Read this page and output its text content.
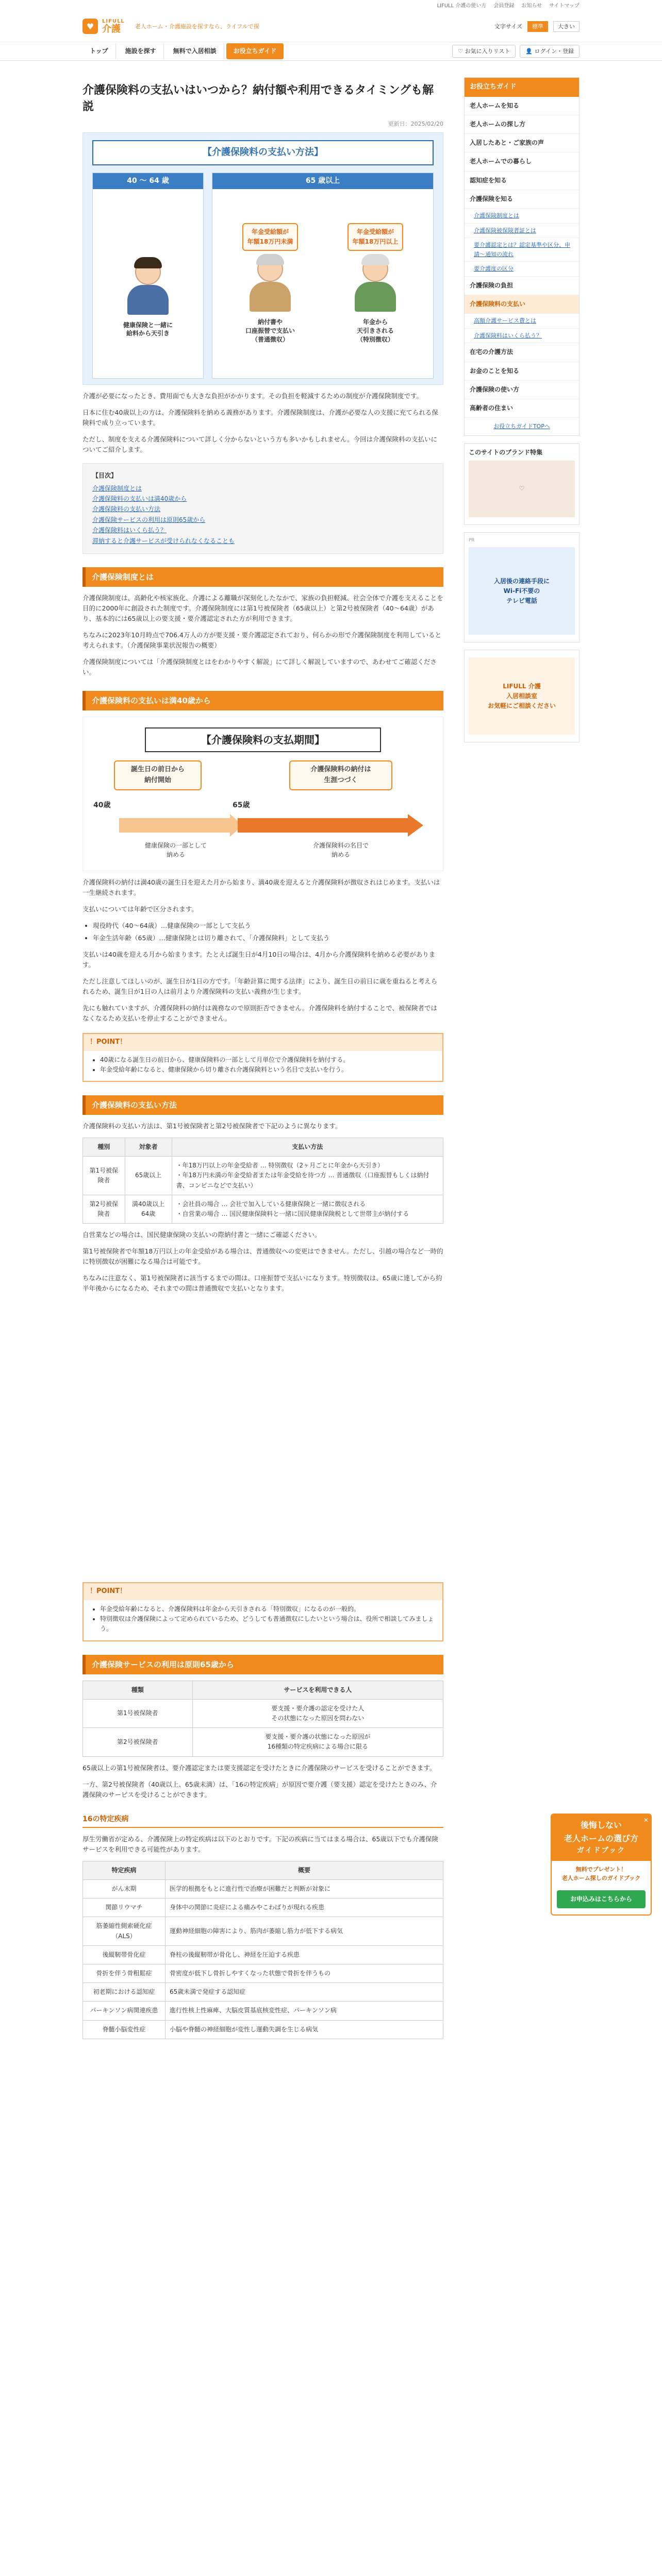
LIFULL 介護の使い方 会員登録 お知らせ サイトマップ
♥
LIFULL
介護	老人ホーム・介護施設を探すなら、ライフルで探	文字サイズ	標準	大きい
トップ	施設を探す	無料で入居相談	お役立ちガイド	♡ お気に入りリスト	👤 ログイン・登録
介護保険料の支払いはいつから？納付額や利用できるタイミングも解説
更新日：2025/02/20
【介護保険料の支払い方法】
40 ～ 64 歳
健康保険と一緒に
給料から天引き
65 歳以上
年金受給額が
年額18万円未満
納付書や
口座振替で支払い
（普通徴収）
年金受給額が
年額18万円以上
年金から
天引きされる
（特別徴収）

介護が必要になったとき、費用面でも大きな負担がかかります。その負担を軽減するための制度が介護保険制度です。

日本に住む40歳以上の方は、介護保険料を納める義務があります。介護保険制度は、介護が必要な人の支援に充てられる保険料で成り立っています。

ただし、制度を支える介護保険料について詳しく分からないという方も多いかもしれません。今回は介護保険料の支払いについてご紹介します。

【目次】
介護保険制度とは
介護保険料の支払いは満40歳から
介護保険料の支払い方法
介護保険サービスの利用は原則65歳から
介護保険料はいくら払う？
滞納すると介護サービスが受けられなくなることも
介護保険制度とは

介護保険制度は、高齢化や核家族化、介護による離職が深刻化したなかで、家族の負担軽減、社会全体で介護を支えることを目的に2000年に創設された制度です。介護保険制度には第1号被保険者（65歳以上）と第2号被保険者（40〜64歳）があり、基本的には65歳以上の要支援・要介護認定された方が利用できます。

ちなみに2023年10月時点で706.4万人の方が要支援・要介護認定されており、何らかの形で介護保険制度を利用していると考えられます。（介護保険事業状況報告の概要）

介護保険制度については「介護保険制度とはをわかりやすく解説」にて詳しく解説していますので、あわせてご確認ください。

介護保険料の支払いは満40歳から
【介護保険料の支払期間】
誕生日の前日から
納付開始
介護保険料の納付は
生涯つづく
40歳	65歳
健康保険の一部として
納める
介護保険料の名目で
納める

介護保険料の納付は満40歳の誕生日を迎えた月から始まり、満40歳を迎えると介護保険料が徴収されはじめます。支払いは一生継続されます。

支払いについては年齢で区分されます。

• 現役時代（40〜64歳）…健康保険の一部として支払う
• 年金生活年齢（65歳）…健康保険とは切り離されて、「介護保険料」として支払う

支払いは40歳を迎える月から始まります。たとえば誕生日が4月10日の場合は、4月から介護保険料を納める必要があります。

ただし注意してほしいのが、誕生日が1日の方です。「年齢計算に関する法律」により、誕生日の前日に歳を重ねると考えられるため、誕生日が1日の人は前月より介護保険料の支払い義務が生じます。

先にも触れていますが、介護保険料の納付は義務なので原則拒否できません。介護保険料を納付することで、被保険者ではなくなるため支払いを停止することができません。

！POINT！
• 40歳になる誕生日の前日から、健康保険料の一部として月単位で介護保険料を納付する。
• 年金受給年齢になると、健康保険から切り離され介護保険料という名目で支払いを行う。
介護保険料の支払い方法

介護保険料の支払い方法は、第1号被保険者と第2号被保険者で下記のように異なります。

種別	対象者	支払い方法
第1号被保険者	65歳以上	・年18万円以上の年金受給者 … 特別徴収（2ヶ月ごとに年金から天引き）
・年18万円未満の年金受給者または年金受給を待つ方 … 普通徴収（口座振替もしくは納付書、コンビニなどで支払い）
第2号被保険者	満40歳以上64歳	・会社員の場合 … 会社で加入している健康保険と一緒に徴収される
・自営業の場合 … 国民健康保険料と一緒に国民健康保険税として世帯主が納付する

自営業などの場合は、国民健康保険の支払いの際納付書と一緒にご確認ください。

第1号被保険者で年額18万円以上の年金受給がある場合は、普通徴収への変更はできません。ただし、引越の場合など一時的に特別徴収が困難になる場合は可能です。

ちなみに注意なく、第1号被保険者に該当するまでの間は、口座振替で支払いになります。特別徴収は、65歳に達してから約半年後からになるため、それまでの間は普通徴収で支払いとなります。

！POINT！
• 年金受給年齢になると、介護保険料は年金から天引きされる「特別徴収」になるのが一般的。
• 特別徴収は介護保険によって定められているため、どうしても普通徴収にしたいという場合は、役所で相談してみましょう。
介護保険サービスの利用は原則65歳から
種類	サービスを利用できる人
第1号被保険者	要支援・要介護の認定を受けた人
その状態になった原因を問わない
第2号被保険者	要支援・要介護の状態になった原因が
16種類の特定疾病による場合に限る

65歳以上の第1号被保険者は、要介護認定または要支援認定を受けたときに介護保険のサービスを受けることができます。

一方、第2号被保険者（40歳以上、65歳未満）は、「16の特定疾病」が原因で要介護（要支援）認定を受けたときのみ、介護保険のサービスを受けることができます。

16の特定疾病

厚生労働省が定める、介護保険上の特定疾病は以下のとおりです。下記の疾病に当てはまる場合は、65歳以下でも介護保険サービスを利用できる可能性があります。

特定疾病	概要
がん末期	医学的根拠をもとに進行性で治療が困難だと判断が対象に
関節リウマチ	身体中の関節に炎症による痛みやこわばりが現れる疾患
筋萎縮性側索硬化症（ALS）	運動神経細胞の障害により、筋肉が萎縮し筋力が低下する病気
後縦靭帯骨化症	脊柱の後縦靭帯が骨化し、神経を圧迫する疾患
骨折を伴う骨粗鬆症	骨密度が低下し骨折しやすくなった状態で骨折を伴うもの
初老期における認知症	65歳未満で発症する認知症
パーキンソン病関連疾患	進行性核上性麻痺、大脳皮質基底核変性症、パーキンソン病
脊髄小脳変性症	小脳や脊髄の神経細胞が変性し運動失調を生じる病気
お役立ちガイド
老人ホームを知る
老人ホームの探し方
入居したあと・ご家族の声
老人ホームでの暮らし
認知症を知る
介護保険を知る
介護保険制度とは
介護保険被保険者証とは
要介護認定とは？認定基準や区分、申請〜通知の流れ
要介護度の区分
介護保険の負担
介護保険料の支払い
高額介護サービス費とは
介護保険料はいくら払う？
在宅の介護方法
お金のことを知る
介護保険の使い方
高齢者の住まい
お役立ちガイドTOPへ
このサイトのブランド特集
♡
PR
入居後の連絡手段に
Wi-Fi不要の
テレビ電話
LIFULL 介護
入居相談室
お気軽にご相談ください
✕
後悔しない
老人ホームの選び方
ガイドブック
無料でプレゼント！
老人ホーム探しのガイドブック
お申込みはこちらから
